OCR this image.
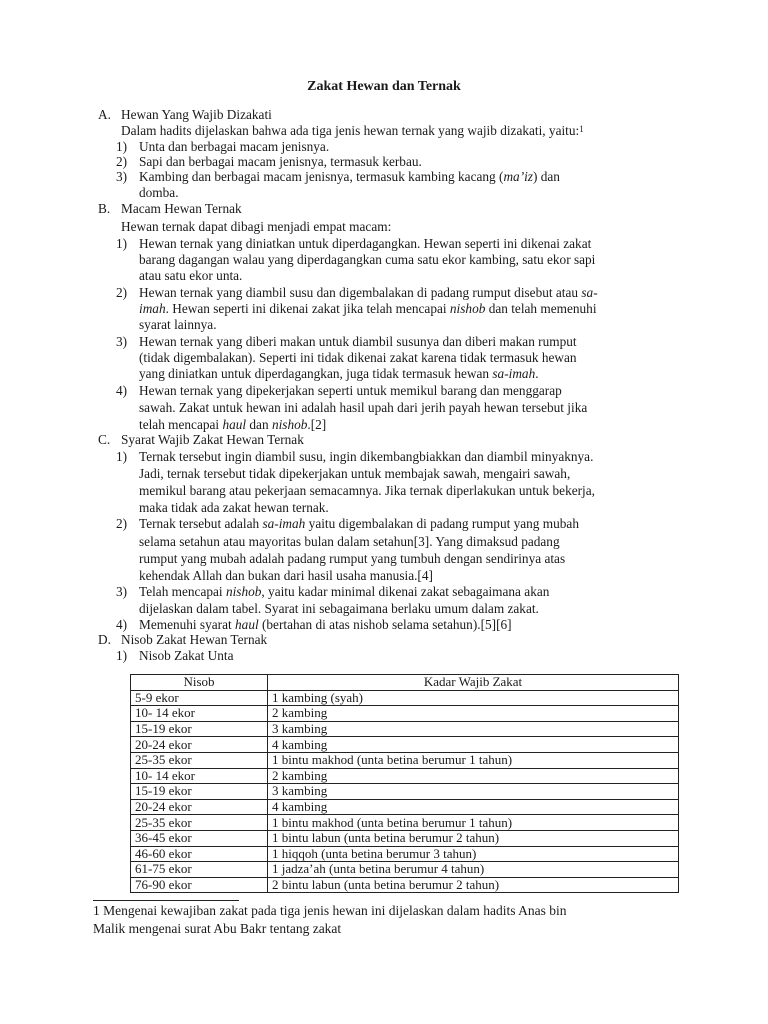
Zakat Hewan dan Ternak
A. Hewan Yang Wajib Dizakati
Dalam hadits dijelaskan bahwa ada tiga jenis hewan ternak yang wajib dizakati, yaitu:$^1$
1) Unta dan berbagai macam jenisnya.
2) Sapi dan berbagai macam jenisnya, termasuk kerbau.
3) Kambing dan berbagai macam jenisnya, termasuk kambing kacang (ma’iz) dan
domba.
B. Macam Hewan Ternak
Hewan ternak dapat dibagi menjadi empat macam:
1) Hewan ternak yang diniatkan untuk diperdagangkan. Hewan seperti ini dikenai zakat
barang dagangan walau yang diperdagangkan cuma satu ekor kambing, satu ekor sapi
atau satu ekor unta.
2) Hewan ternak yang diambil susu dan digembalakan di padang rumput disebut atau sa-
imah. Hewan seperti ini dikenai zakat jika telah mencapai nishob dan telah memenuhi
syarat lainnya.
3) Hewan ternak yang diberi makan untuk diambil susunya dan diberi makan rumput
(tidak digembalakan). Seperti ini tidak dikenai zakat karena tidak termasuk hewan
yang diniatkan untuk diperdagangkan, juga tidak termasuk hewan sa-imah.
4) Hewan ternak yang dipekerjakan seperti untuk memikul barang dan menggarap
sawah. Zakat untuk hewan ini adalah hasil upah dari jerih payah hewan tersebut jika
telah mencapai haul dan nishob.[2]
C. Syarat Wajib Zakat Hewan Ternak
1) Ternak tersebut ingin diambil susu, ingin dikembangbiakkan dan diambil minyaknya.
Jadi, ternak tersebut tidak dipekerjakan untuk membajak sawah, mengairi sawah,
memikul barang atau pekerjaan semacamnya. Jika ternak diperlakukan untuk bekerja,
maka tidak ada zakat hewan ternak.
2) Ternak tersebut adalah sa-imah yaitu digembalakan di padang rumput yang mubah
selama setahun atau mayoritas bulan dalam setahun[3]. Yang dimaksud padang
rumput yang mubah adalah padang rumput yang tumbuh dengan sendirinya atas
kehendak Allah dan bukan dari hasil usaha manusia.[4]
3) Telah mencapai nishob, yaitu kadar minimal dikenai zakat sebagaimana akan
dijelaskan dalam tabel. Syarat ini sebagaimana berlaku umum dalam zakat.
4) Memenuhi syarat haul (bertahan di atas nishob selama setahun).[5][6]
D. Nisob Zakat Hewan Ternak
1) Nisob Zakat Unta
Nisob	Kadar Wajib Zakat
5-9 ekor	1 kambing (syah)
10- 14 ekor	2 kambing
15-19 ekor	3 kambing
20-24 ekor	4 kambing
25-35 ekor	1 bintu makhod (unta betina berumur 1 tahun)
10- 14 ekor	2 kambing
15-19 ekor	3 kambing
20-24 ekor	4 kambing
25-35 ekor	1 bintu makhod (unta betina berumur 1 tahun)
36-45 ekor	1 bintu labun (unta betina berumur 2 tahun)
46-60 ekor	1 hiqqoh (unta betina berumur 3 tahun)
61-75 ekor	1 jadza’ah (unta betina berumur 4 tahun)
76-90 ekor	2 bintu labun (unta betina berumur 2 tahun)
1 Mengenai kewajiban zakat pada tiga jenis hewan ini dijelaskan dalam hadits Anas bin
Malik mengenai surat Abu Bakr tentang zakat
